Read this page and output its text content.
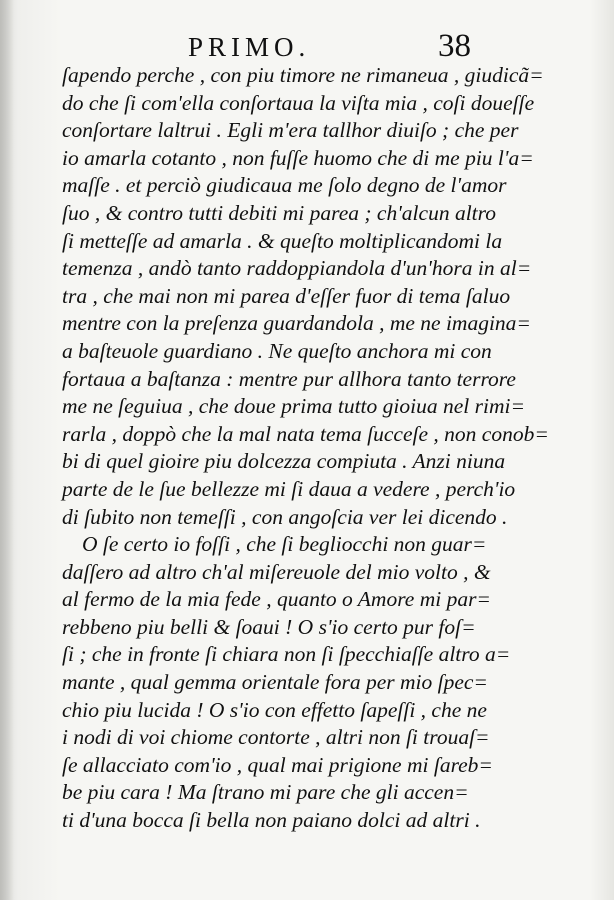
PRIMO.	38
ſapendo perche , con piu timore ne rimaneua , giudicã=
do che ſi com'ella conſortaua la viſta mia , coſi doueſſe
conſortare laltrui . Egli m'era tallhor diuiſo ; che per
io amarla cotanto , non fuſſe huomo che di me piu l'a=
maſſe . et perciò giudicaua me ſolo degno de l'amor
ſuo , & contro tutti debiti mi parea ; ch'alcun altro
ſi metteſſe ad amarla . & queſto moltiplicandomi la
temenza , andò tanto raddoppiandola d'un'hora in al=
tra , che mai non mi parea d'eſſer fuor di tema ſaluo
mentre con la preſenza guardandola , me ne imagina=
a baſteuole guardiano . Ne queſto anchora mi con
fortaua a baſtanza : mentre pur allhora tanto terrore
me ne ſeguiua , che doue prima tutto gioiua nel rimi=
rarla , doppò che la mal nata tema ſucceſe , non conob=
bi di quel gioire piu dolcezza compiuta . Anzi niuna
parte de le ſue bellezze mi ſi daua a vedere , perch'io
di ſubito non temeſſi , con angoſcia ver lei dicendo .
O ſe certo io foſſi , che ſi begliocchi non guar=
daſſero ad altro ch'al miſereuole del mio volto , &
al fermo de la mia fede , quanto o Amore mi par=
rebbeno piu belli & ſoaui ! O s'io certo pur foſ=
ſi ; che in fronte ſi chiara non ſi ſpecchiaſſe altro a=
mante , qual gemma orientale fora per mio ſpec=
chio piu lucida ! O s'io con effetto ſapeſſi , che ne
i nodi di voi chiome contorte , altri non ſi trouaſ=
ſe allacciato com'io , qual mai prigione mi ſareb=
be piu cara ! Ma ſtrano mi pare che gli accen=
ti d'una bocca ſi bella non paiano dolci ad altri .
